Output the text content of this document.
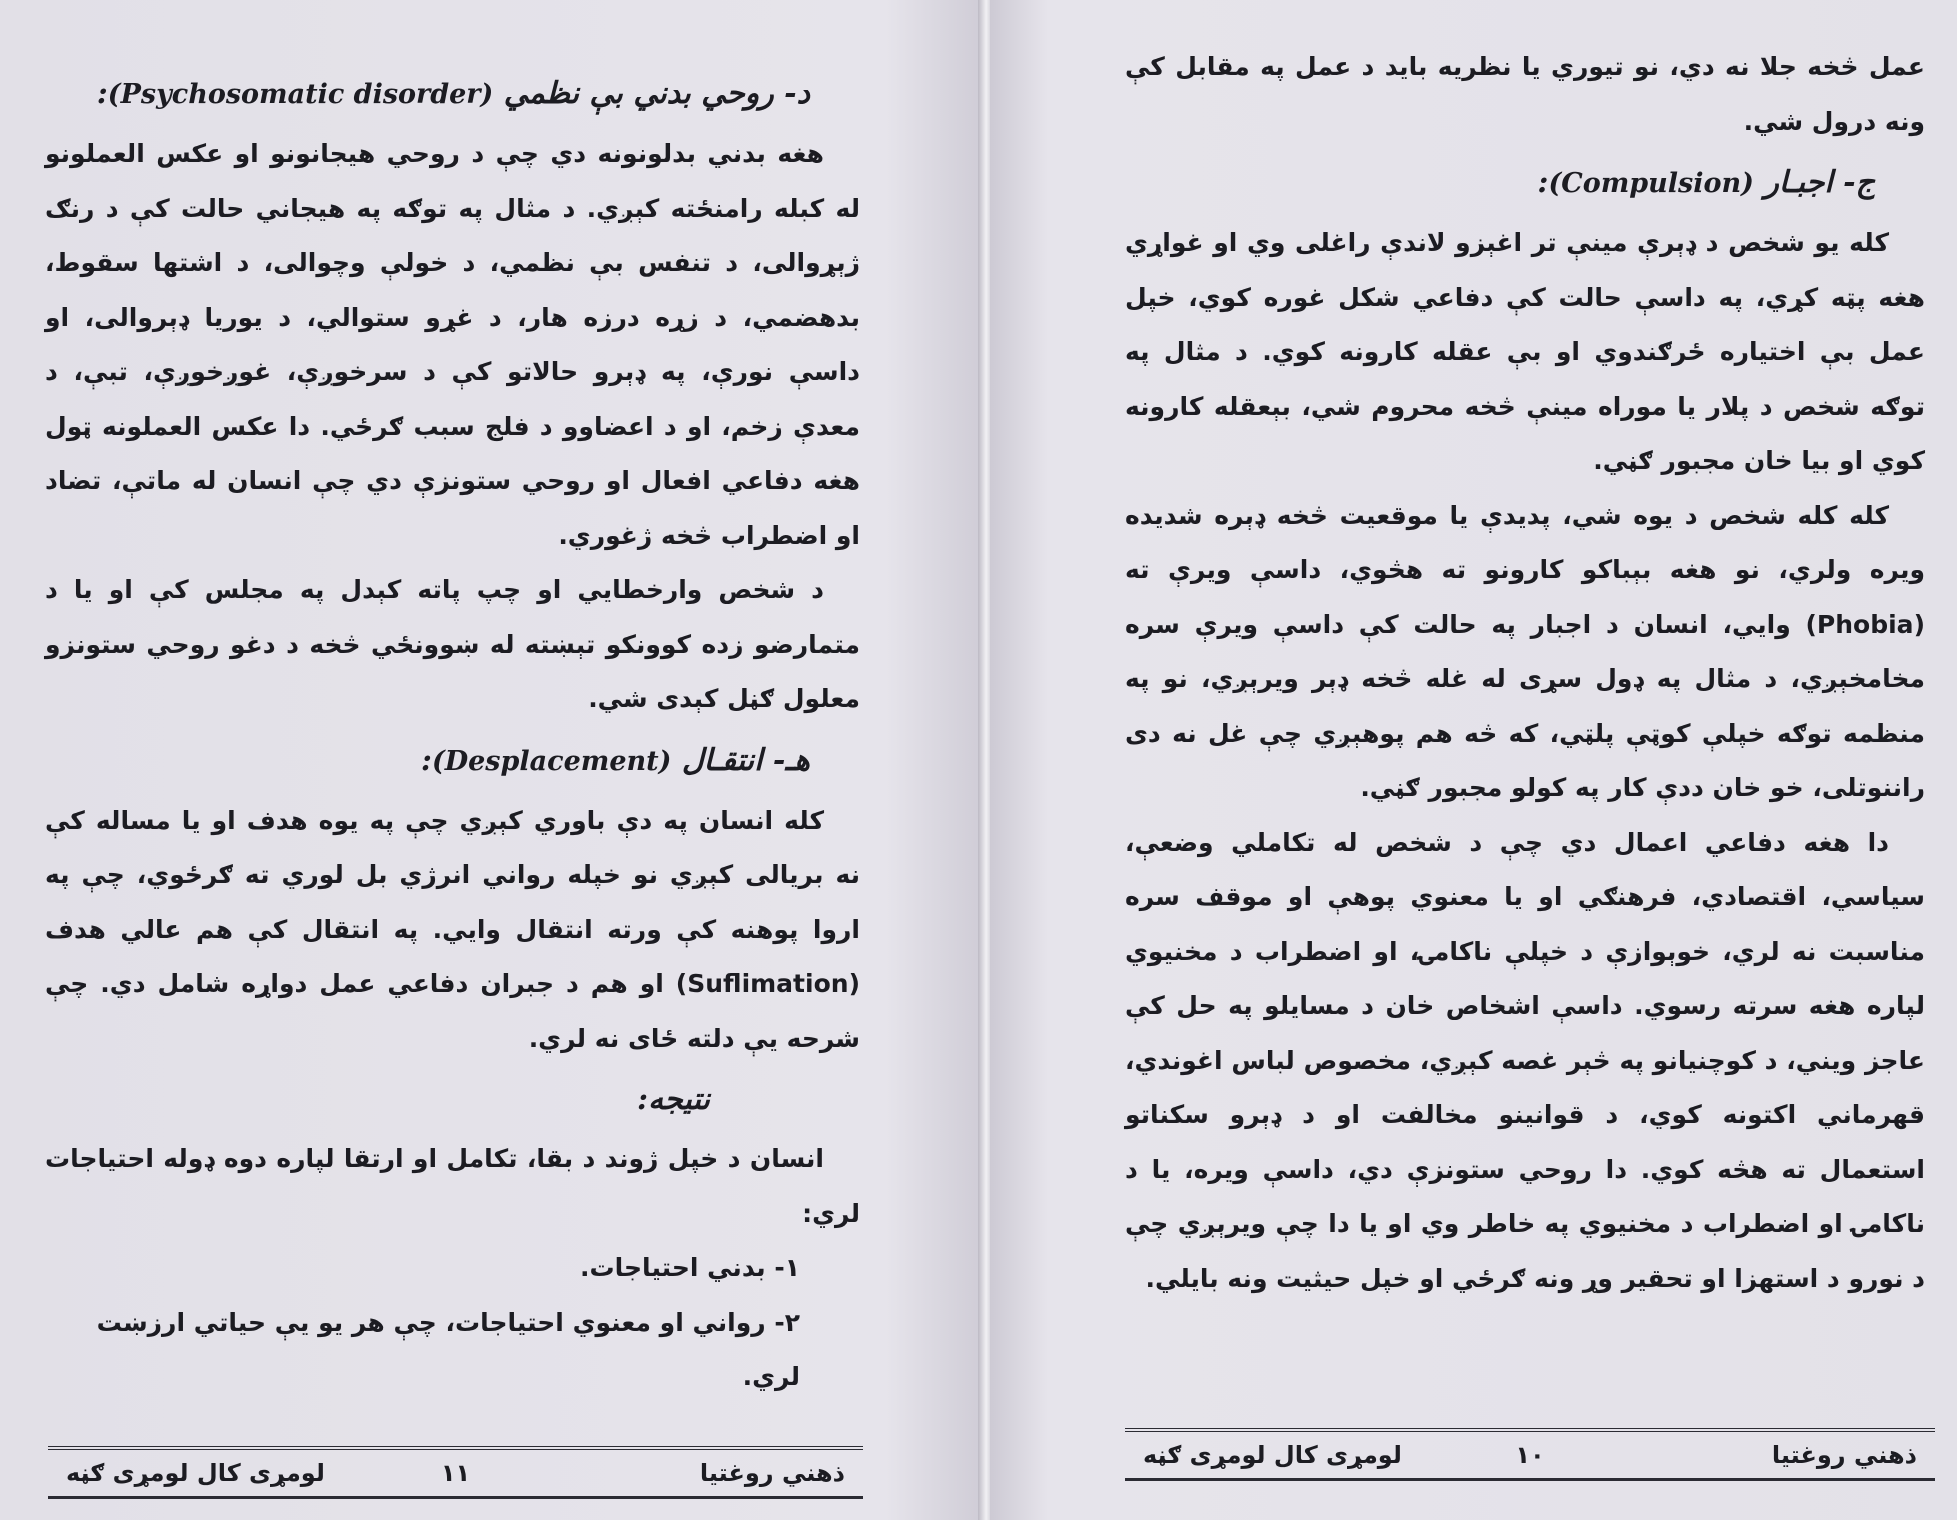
د- روحي بدني بې نظمي (Psychosomatic disorder):

هغه بدني بدلونونه دي چې د روحي هيجانونو او عکس العملونو له کبله رامنځته کېږي. د مثال په توګه په هيجاني حالت کې د رنګ ژېړوالی، د تنفس بې نظمي، د خولې وچوالی، د اشتها سقوط، بدهضمي، د زړه درزه هار، د غړو ستوالي، د يوريا ډېروالی، او داسې نورې، په ډېرو حالاتو کې د سرخوږې، غوږخوږې، تبې، د معدې زخم، او د اعضاوو د فلج سبب ګرځي. دا عکس العملونه ټول هغه دفاعي افعال او روحي ستونزې دي چې انسان له ماتې، تضاد او اضطراب څخه ژغوري.

د شخص وارخطايي او چپ پاته کېدل په مجلس کې او يا د متمارضو زده کوونکو تېښته له ښوونځي څخه د دغو روحي ستونزو معلول ګڼل کېدی شي.

هـ- انتقـال (Desplacement):

کله انسان په دې باوري کېږي چې په يوه هدف او يا مساله کې نه بريالی کېږي نو خپله رواني انرژي بل لوري ته ګرځوي، چې په اروا پوهنه کې ورته انتقال وايي. په انتقال کې هم عالي هدف (Suflimation) او هم د جبران دفاعي عمل دواړه شامل دي. چې شرحه يې دلته ځای نه لري.

نتيجه:

انسان د خپل ژوند د بقا، تکامل او ارتقا لپاره دوه ډوله احتياجات لري:

۱- بدني احتياجات.

۲- رواني او معنوي احتياجات، چې هر يو يې حياتي ارزښت لري.

ذهني روغتيا
۱۱
لومړی کال لومړی ګڼه

عمل څخه جلا نه دي، نو تيوري يا نظريه بايد د عمل په مقابل کې ونه درول شي.

ج- اجبـار (Compulsion):

کله يو شخص د ډېرې مينې تر اغېزو لاندې راغلی وي او غواړي هغه پټه کړي، په داسې حالت کې دفاعي شکل غوره کوي، خپل عمل بې اختياره ځرګندوي او بې عقله کارونه کوي. د مثال په توګه شخص د پلار يا موراه مينې څخه محروم شي، بېعقله کارونه کوي او بيا خان مجبور ګڼي.

کله کله شخص د يوه شي، پديدې يا موقعيت څخه ډېره شديده ويره ولري، نو هغه بېباکو کارونو ته هڅوي، داسې ويرې ته (Phobia) وايي، انسان د اجبار په حالت کې داسې ويرې سره مخامخېږي، د مثال په ډول سړی له غله څخه ډېر ويرېږي، نو په منظمه توګه خپلې کوټې پلټي، که څه هم پوهېږي چې غل نه دی راننوتلی، خو خان ددې کار په کولو مجبور ګڼي.

دا هغه دفاعي اعمال دي چې د شخص له تکاملي وضعې، سياسي، اقتصادي، فرهنګي او يا معنوي پوهې او موقف سره مناسبت نه لري، خوېوازې د خپلې ناکامۍ، او اضطراب د مخنيوي لپاره هغه سرته رسوي. داسې اشخاص خان د مسايلو په حل کې عاجز ويني، د کوچنيانو په څېر غصه کېږي، مخصوص لباس اغوندي، قهرماني اکتونه کوي، د قوانينو مخالفت او د ډېرو سکناتو استعمال ته هڅه کوي. دا روحي ستونزې دي، داسې ويره، يا د ناکامۍ او اضطراب د مخنيوي په خاطر وي او يا دا چې ويرېږي چې د نورو د استهزا او تحقير وړ ونه ګرځي او خپل حيثيت ونه بايلي.

ذهني روغتيا
۱۰
لومړی کال لومړی ګڼه
